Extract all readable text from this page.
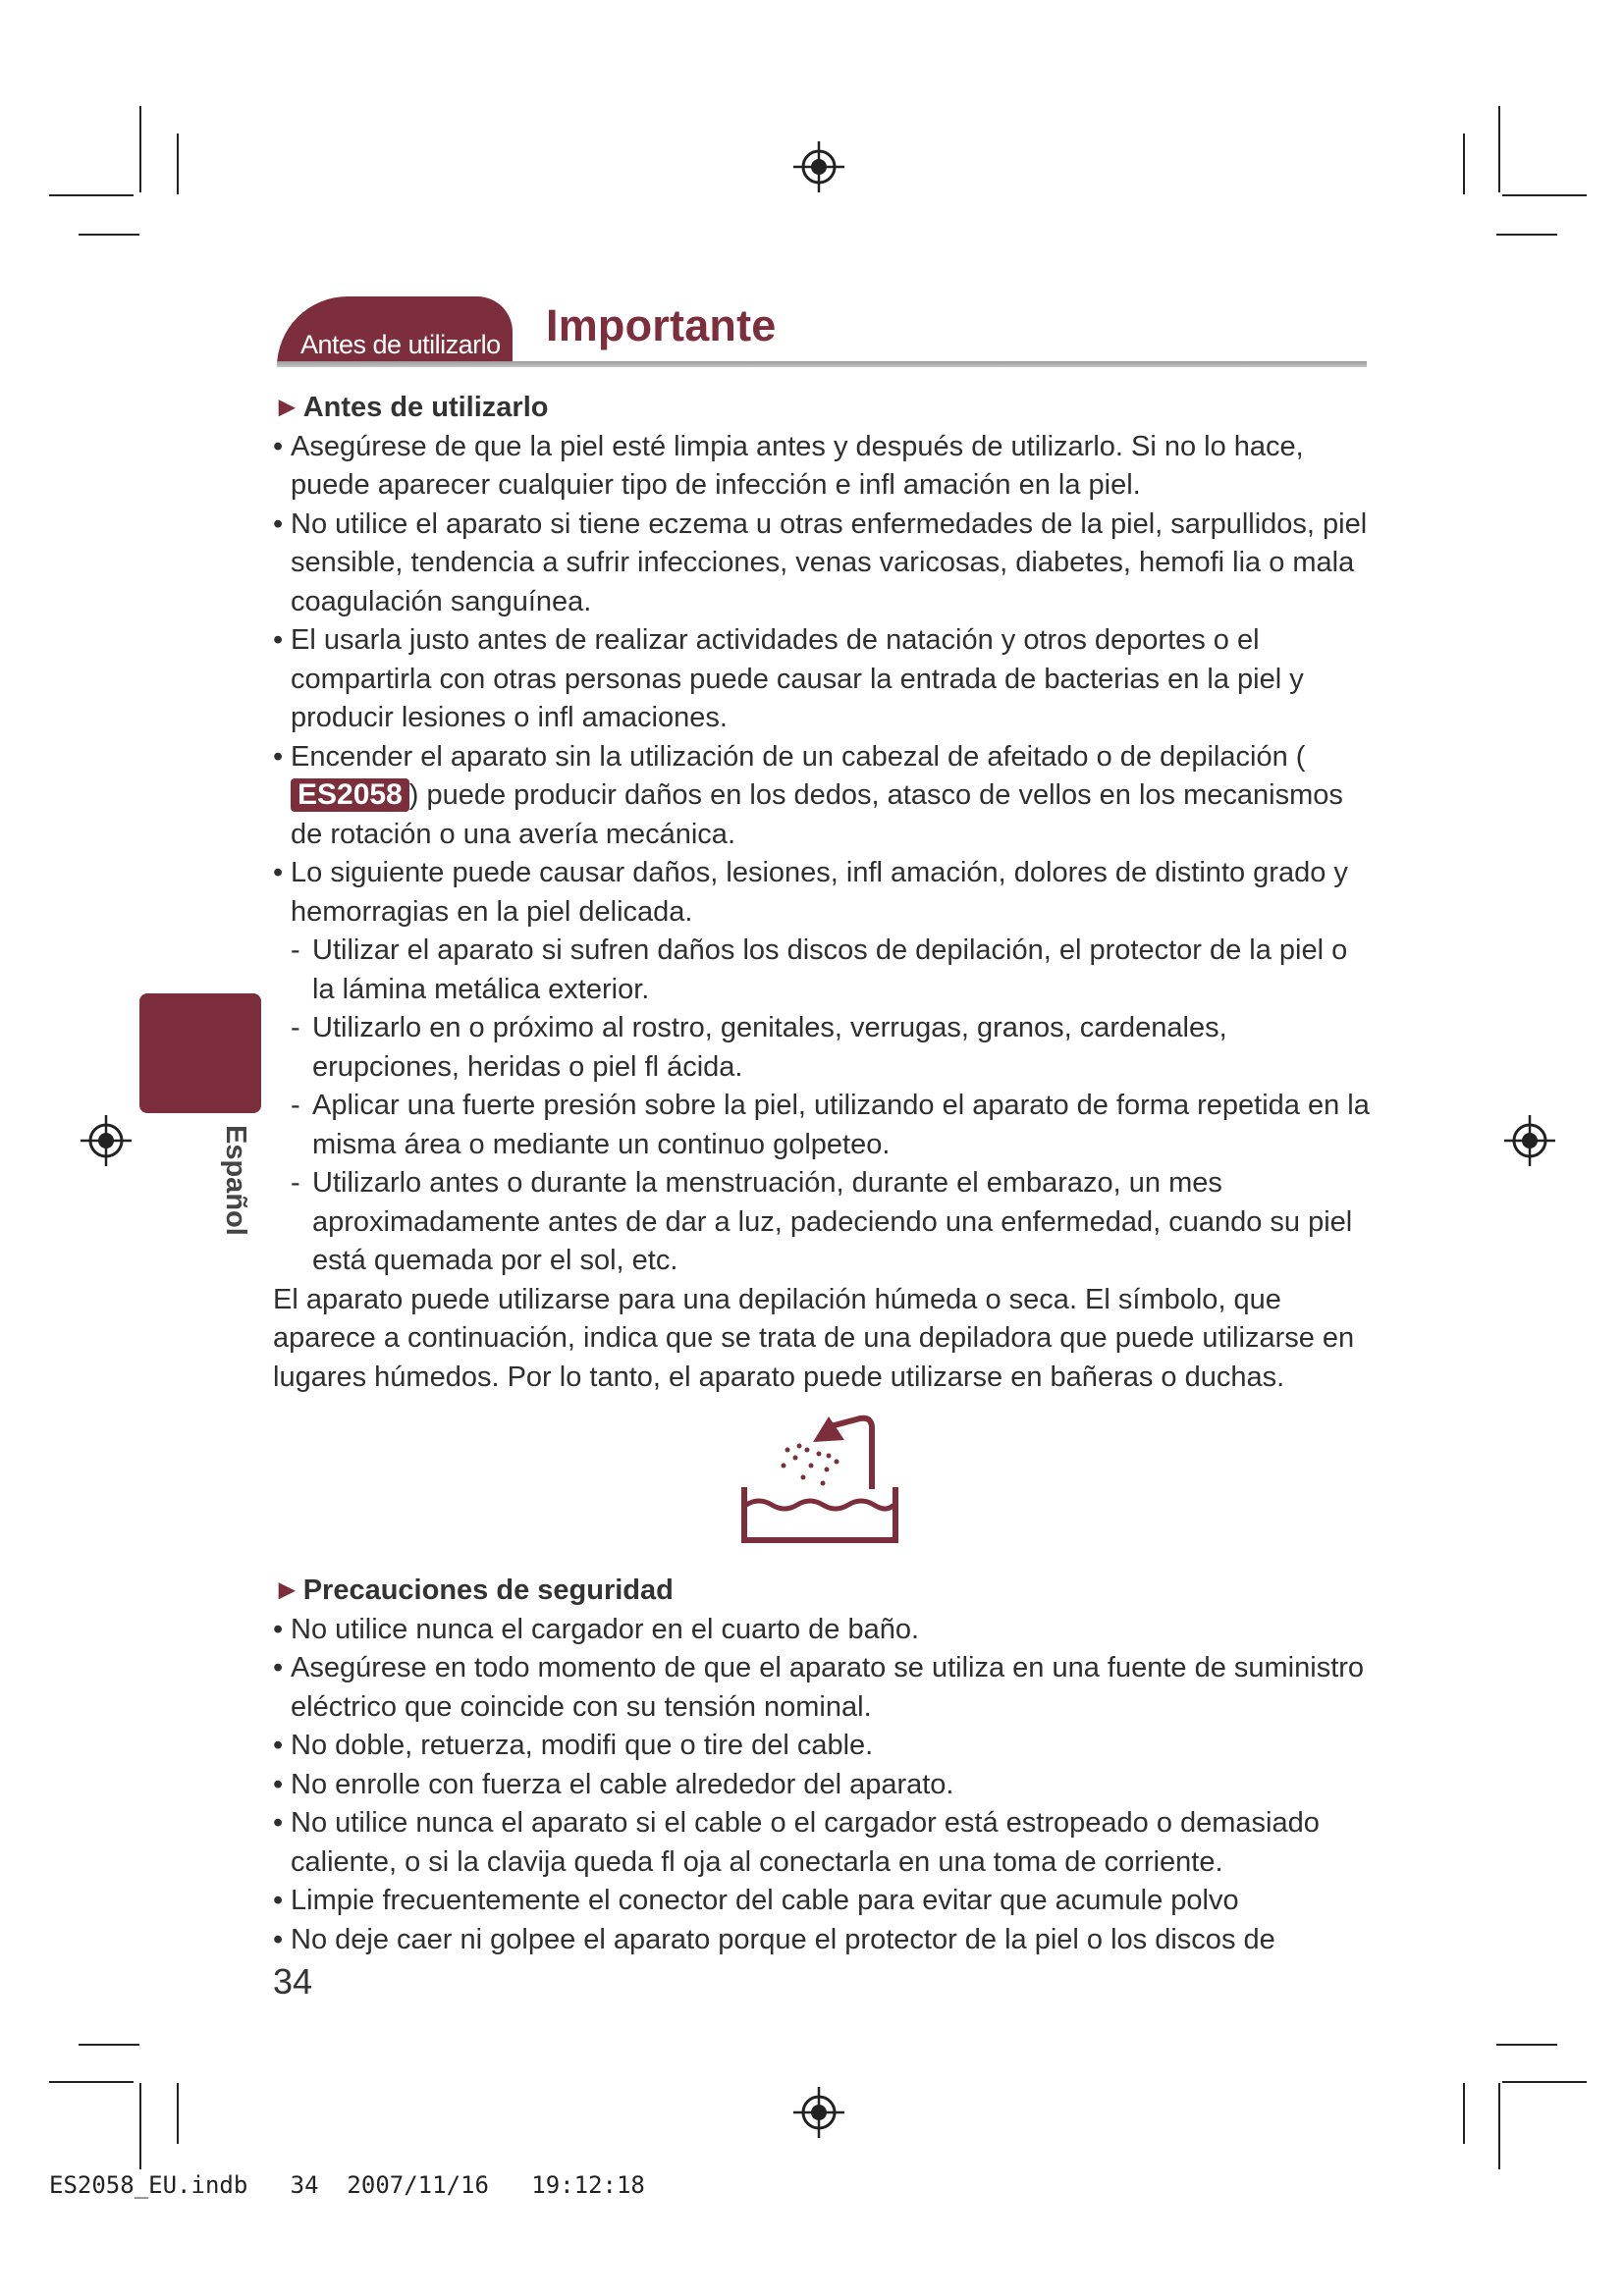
Antes de utilizarlo Importante
Español
►Antes de utilizarlo
• Asegúrese de que la piel esté limpia antes y después de utilizarlo. Si no lo hace, puede aparecer cualquier tipo de infección e infl amación en la piel.
• No utilice el aparato si tiene eczema u otras enfermedades de la piel, sarpullidos, piel sensible, tendencia a sufrir infecciones, venas varicosas, diabetes, hemofi lia o mala coagulación sanguínea.
• El usarla justo antes de realizar actividades de natación y otros deportes o el compartirla con otras personas puede causar la entrada de bacterias en la piel y producir lesiones o infl amaciones.
• Encender el aparato sin la utilización de un cabezal de afeitado o de depilación (ES2058 ) puede producir daños en los dedos, atasco de vellos en los mecanismos de rotación o una avería mecánica.
• Lo siguiente puede causar daños, lesiones, infl amación, dolores de distinto grado y hemorragias en la piel delicada.
- Utilizar el aparato si sufren daños los discos de depilación, el protector de la piel o la lámina metálica exterior.
- Utilizarlo en o próximo al rostro, genitales, verrugas, granos, cardenales, erupciones, heridas o piel fl ácida.
- Aplicar una fuerte presión sobre la piel, utilizando el aparato de forma repetida en la misma área o mediante un continuo golpeteo.
- Utilizarlo antes o durante la menstruación, durante el embarazo, un mes aproximadamente antes de dar a luz, padeciendo una enfermedad, cuando su piel está quemada por el sol, etc.
El aparato puede utilizarse para una depilación húmeda o seca. El símbolo, que aparece a continuación, indica que se trata de una depiladora que puede utilizarse en lugares húmedos. Por lo tanto, el aparato puede utilizarse en bañeras o duchas.
►Precauciones de seguridad
• No utilice nunca el cargador en el cuarto de baño.
• Asegúrese en todo momento de que el aparato se utiliza en una fuente de suministro eléctrico que coincide con su tensión nominal.
• No doble, retuerza, modifi que o tire del cable.
• No enrolle con fuerza el cable alrededor del aparato.
• No utilice nunca el aparato si el cable o el cargador está estropeado o demasiado caliente, o si la clavija queda fl oja al conectarla en una toma de corriente.
• Limpie frecuentemente el conector del cable para evitar que acumule polvo
• No deje caer ni golpee el aparato porque el protector de la piel o los discos de
34
ES2058_EU.indb   34  2007/11/16   19:12:18
